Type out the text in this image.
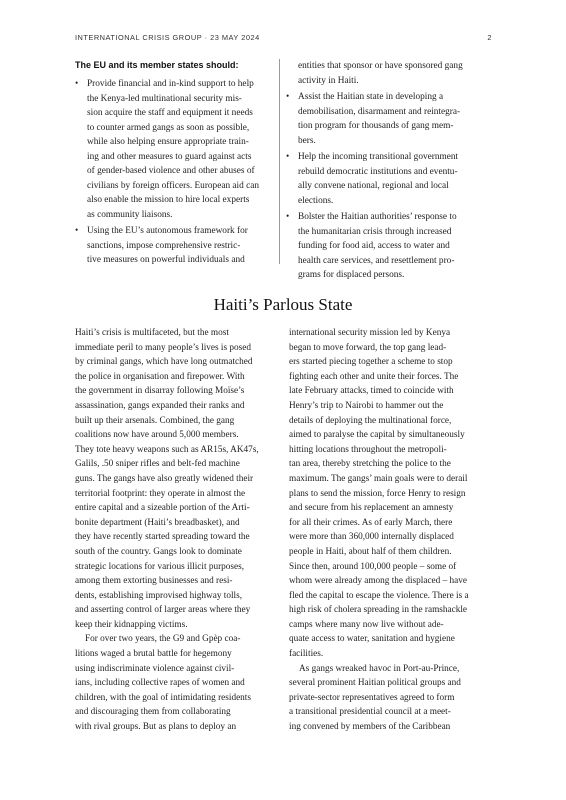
INTERNATIONAL CRISIS GROUP · 23 MAY 2024	2
The EU and its member states should:
• Provide financial and in-kind support to help
the Kenya-led multinational security mis-
sion acquire the staff and equipment it needs
to counter armed gangs as soon as possible,
while also helping ensure appropriate train-
ing and other measures to guard against acts
of gender-based violence and other abuses of
civilians by foreign officers. European aid can
also enable the mission to hire local experts
as community liaisons.
• Using the EU’s autonomous framework for
sanctions, impose comprehensive restric-
tive measures on powerful individuals and

entities that sponsor or have sponsored gang
activity in Haiti.

• Assist the Haitian state in developing a
demobilisation, disarmament and reintegra-
tion program for thousands of gang mem-
bers.
• Help the incoming transitional government
rebuild democratic institutions and eventu-
ally convene national, regional and local
elections.
• Bolster the Haitian authorities’ response to
the humanitarian crisis through increased
funding for food aid, access to water and
health care services, and resettlement pro-
grams for displaced persons.
Haiti’s Parlous State

Haiti’s crisis is multifaceted, but the most
immediate peril to many people’s lives is posed
by criminal gangs, which have long outmatched
the police in organisation and firepower. With
the government in disarray following Moïse’s
assassination, gangs expanded their ranks and
built up their arsenals. Combined, the gang
coalitions now have around 5,000 members.
They tote heavy weapons such as AR15s, AK47s,
Galils, .50 sniper rifles and belt-fed machine
guns. The gangs have also greatly widened their
territorial footprint: they operate in almost the
entire capital and a sizeable portion of the Arti-
bonite department (Haiti’s breadbasket), and
they have recently started spreading toward the
south of the country. Gangs look to dominate
strategic locations for various illicit purposes,
among them extorting businesses and resi-
dents, establishing improvised highway tolls,
and asserting control of larger areas where they
keep their kidnapping victims.

For over two years, the G9 and Gpèp coa-
litions waged a brutal battle for hegemony
using indiscriminate violence against civil-
ians, including collective rapes of women and
children, with the goal of intimidating residents
and discouraging them from collaborating
with rival groups. But as plans to deploy an

international security mission led by Kenya
began to move forward, the top gang lead-
ers started piecing together a scheme to stop
fighting each other and unite their forces. The
late February attacks, timed to coincide with
Henry’s trip to Nairobi to hammer out the
details of deploying the multinational force,
aimed to paralyse the capital by simultaneously
hitting locations throughout the metropoli-
tan area, thereby stretching the police to the
maximum. The gangs’ main goals were to derail
plans to send the mission, force Henry to resign
and secure from his replacement an amnesty
for all their crimes. As of early March, there
were more than 360,000 internally displaced
people in Haiti, about half of them children.
Since then, around 100,000 people – some of
whom were already among the displaced – have
fled the capital to escape the violence. There is a
high risk of cholera spreading in the ramshackle
camps where many now live without ade-
quate access to water, sanitation and hygiene
facilities.

As gangs wreaked havoc in Port-au-Prince,
several prominent Haitian political groups and
private-sector representatives agreed to form
a transitional presidential council at a meet-
ing convened by members of the Caribbean
